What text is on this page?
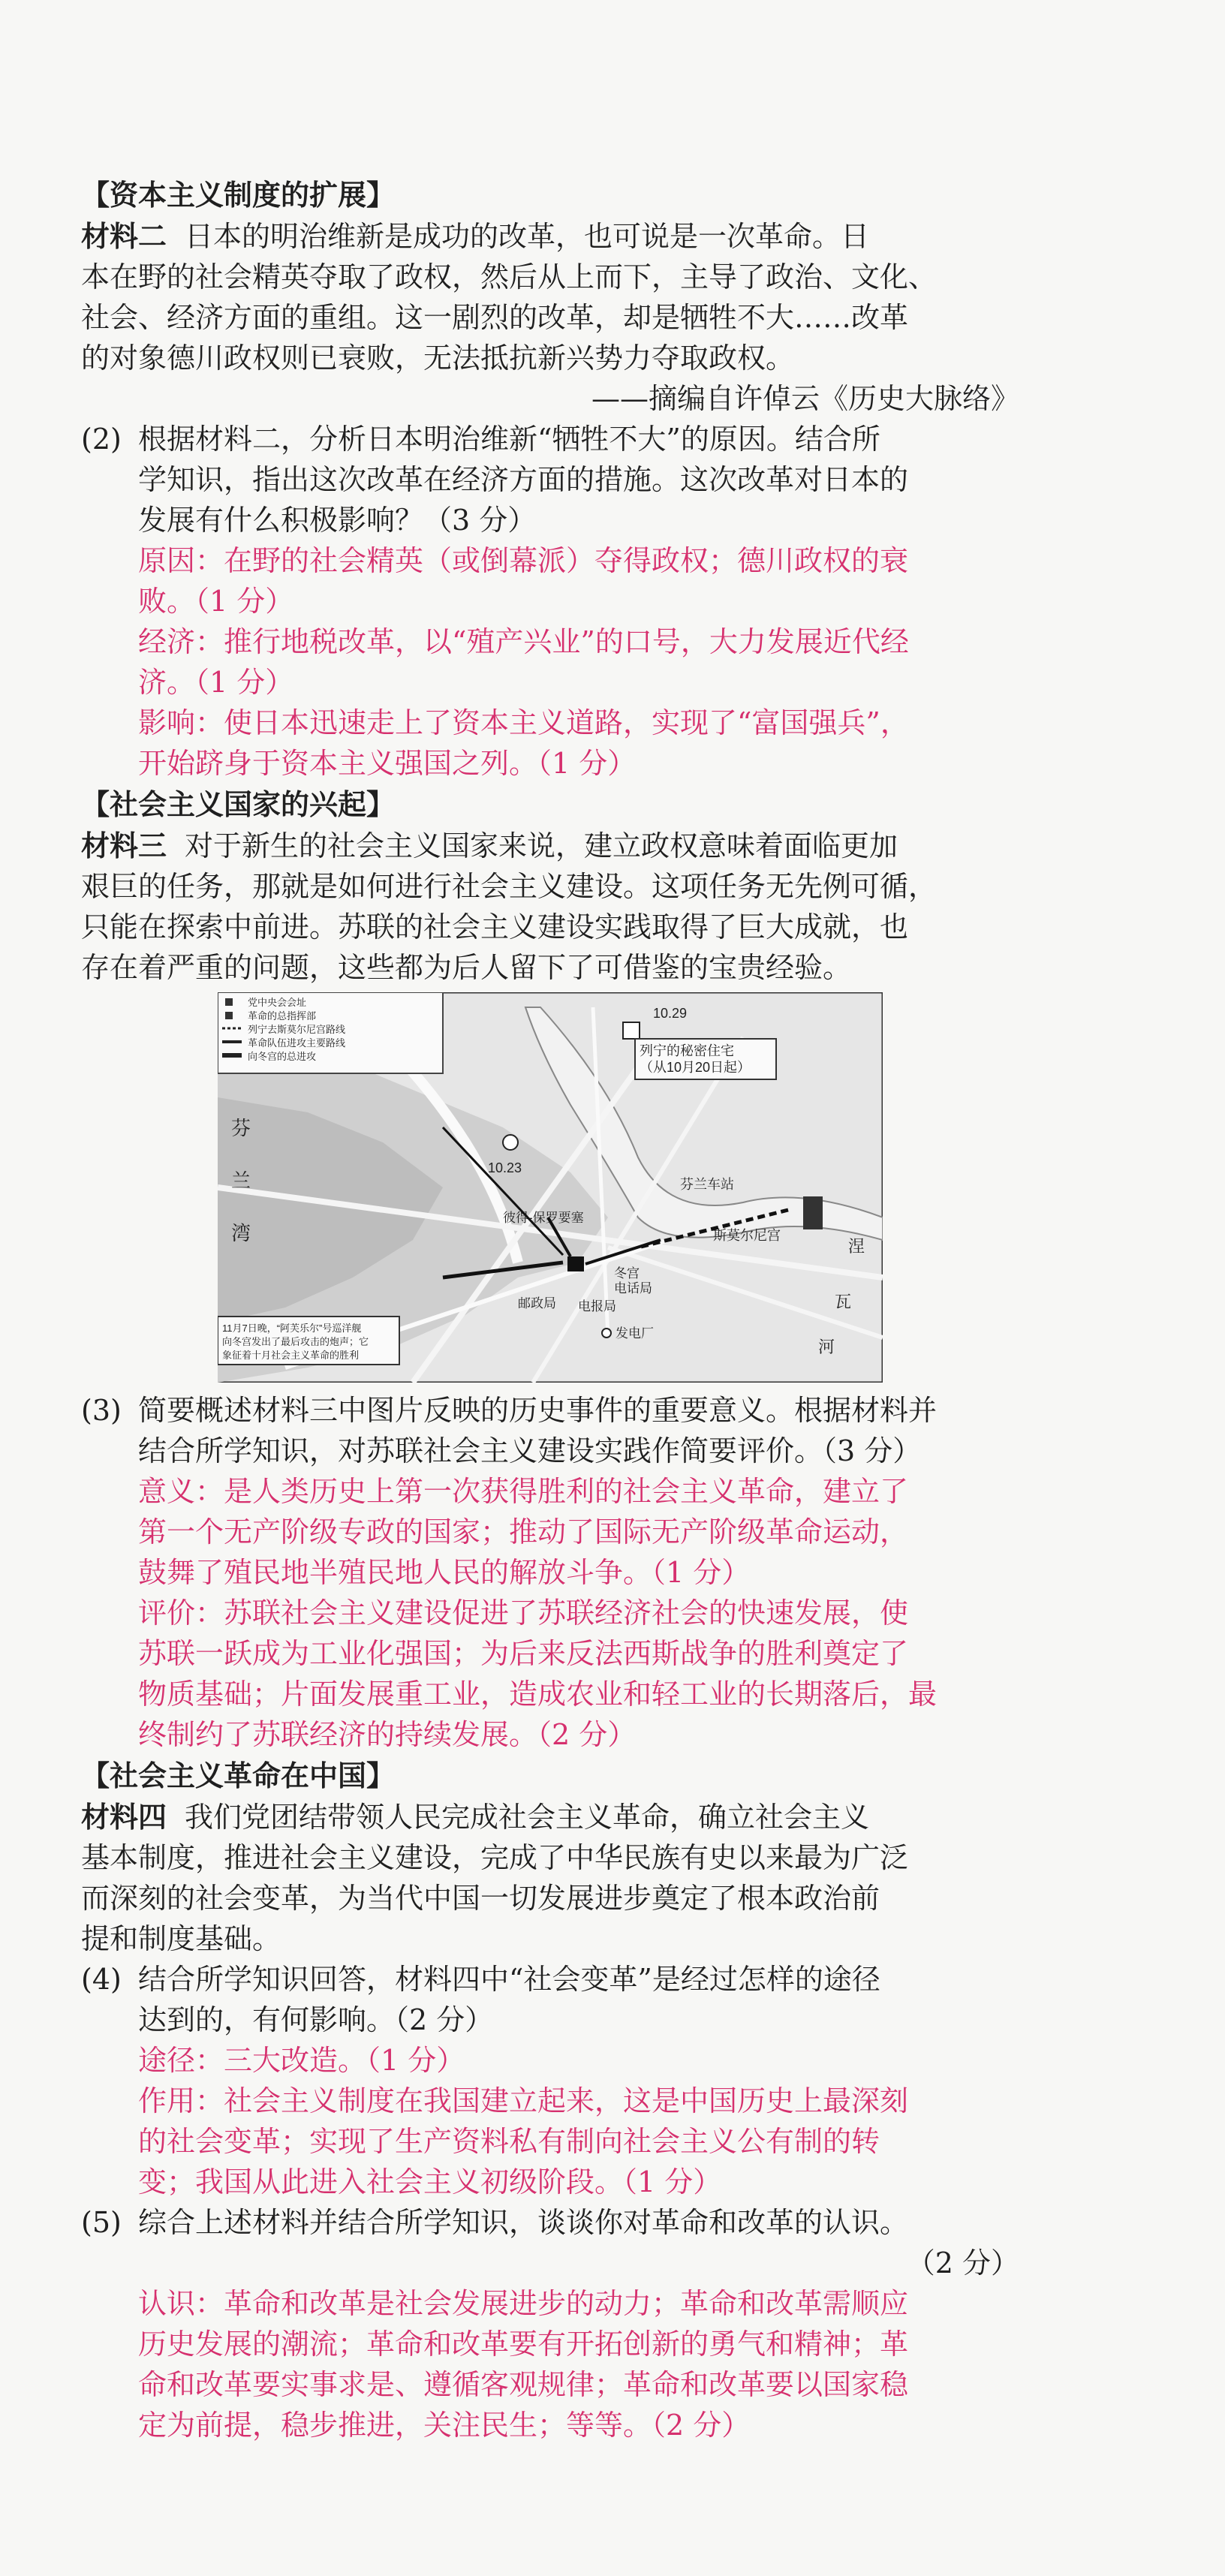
【资本主义制度的扩展】
材料二 日本的明治维新是成功的改革，也可说是一次革命。日
本在野的社会精英夺取了政权，然后从上而下，主导了政治、文化、
社会、经济方面的重组。这一剧烈的改革，却是牺牲不大……改革
的对象德川政权则已衰败，无法抵抗新兴势力夺取政权。
——摘编自许倬云《历史大脉络》
(2) 根据材料二，分析日本明治维新“牺牲不大”的原因。结合所
学知识，指出这次改革在经济方面的措施。这次改革对日本的
发展有什么积极影响？（3 分）
原因：在野的社会精英（或倒幕派）夺得政权；德川政权的衰
败。（1 分）
经济：推行地税改革，以“殖产兴业”的口号，大力发展近代经
济。（1 分）
影响：使日本迅速走上了资本主义道路，实现了“富国强兵”，
开始跻身于资本主义强国之列。（1 分）
【社会主义国家的兴起】
材料三 对于新生的社会主义国家来说，建立政权意味着面临更加
艰巨的任务，那就是如何进行社会主义建设。这项任务无先例可循，
只能在探索中前进。苏联的社会主义建设实践取得了巨大成就，也
存在着严重的问题，这些都为后人留下了可借鉴的宝贵经验。
党中央会会址
革命的总指挥部
列宁去斯莫尔尼宫路线
革命队伍进攻主要路线
向冬宫的总进攻
10.29
列宁的秘密住宅
（从10月20日起）
10.23
芬
兰
湾
芬兰车站
斯莫尔尼宫
彼得-保罗要塞
冬宫
电话局
电报局
邮政局
发电厂
涅
瓦
河
11月7日晚，“阿芙乐尔”号巡洋舰
向冬宫发出了最后攻击的炮声；它
象征着十月社会主义革命的胜利
(3) 简要概述材料三中图片反映的历史事件的重要意义。根据材料并
结合所学知识，对苏联社会主义建设实践作简要评价。（3 分）
意义：是人类历史上第一次获得胜利的社会主义革命，建立了
第一个无产阶级专政的国家；推动了国际无产阶级革命运动，
鼓舞了殖民地半殖民地人民的解放斗争。（1 分）
评价：苏联社会主义建设促进了苏联经济社会的快速发展，使
苏联一跃成为工业化强国；为后来反法西斯战争的胜利奠定了
物质基础；片面发展重工业，造成农业和轻工业的长期落后，最
终制约了苏联经济的持续发展。（2 分）
【社会主义革命在中国】
材料四 我们党团结带领人民完成社会主义革命，确立社会主义
基本制度，推进社会主义建设，完成了中华民族有史以来最为广泛
而深刻的社会变革，为当代中国一切发展进步奠定了根本政治前
提和制度基础。
(4) 结合所学知识回答，材料四中“社会变革”是经过怎样的途径
达到的，有何影响。（2 分）
途径：三大改造。（1 分）
作用：社会主义制度在我国建立起来，这是中国历史上最深刻
的社会变革；实现了生产资料私有制向社会主义公有制的转
变；我国从此进入社会主义初级阶段。（1 分）
(5) 综合上述材料并结合所学知识，谈谈你对革命和改革的认识。
（2 分）
认识：革命和改革是社会发展进步的动力；革命和改革需顺应
历史发展的潮流；革命和改革要有开拓创新的勇气和精神；革
命和改革要实事求是、遵循客观规律；革命和改革要以国家稳
定为前提，稳步推进，关注民生；等等。（2 分）
